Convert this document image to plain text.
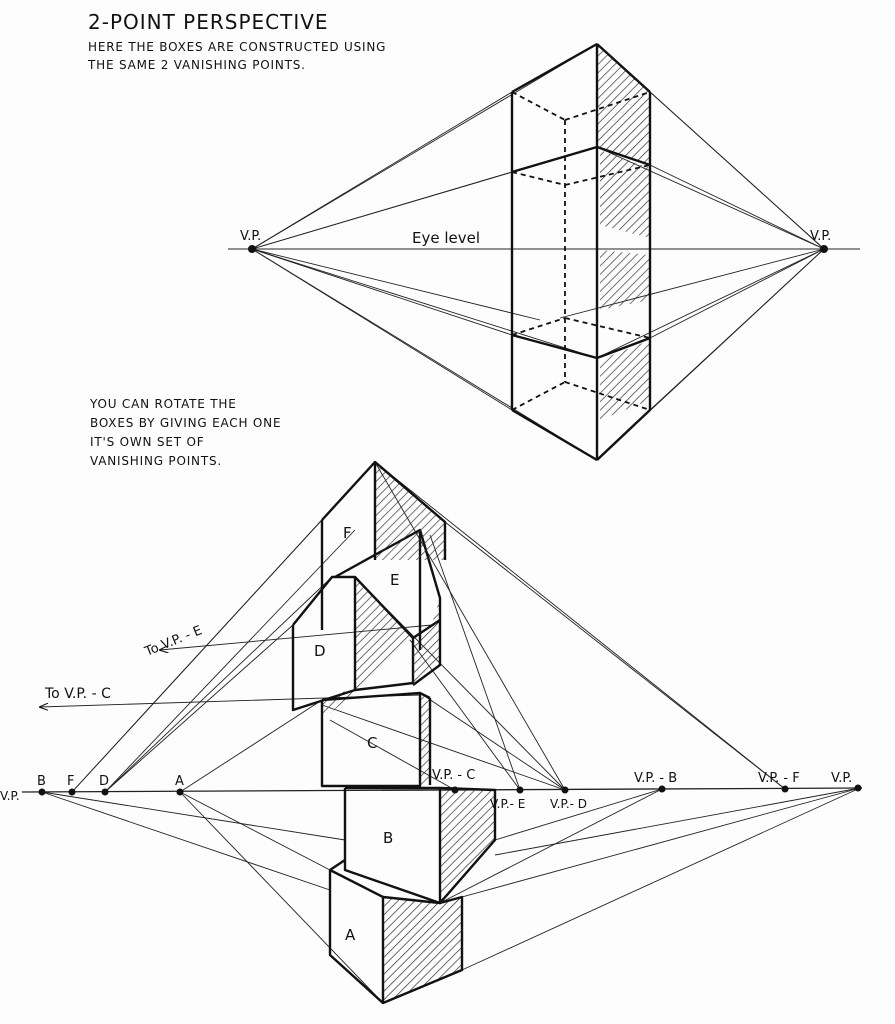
2-POINT PERSPECTIVE
HERE THE BOXES ARE CONSTRUCTED USING
THE SAME 2 VANISHING POINTS.
YOU CAN ROTATE THE
BOXES BY GIVING EACH ONE
IT'S OWN SET OF
VANISHING POINTS.
V.P.	V.P.
Eye level
V.P.
B F D	A	V.P. - C
V.P.- E V.P.- D
V.P. - B	V.P. - F V.P.
To V.P. - E
To V.P. - C
A
B
C
D
E
F
